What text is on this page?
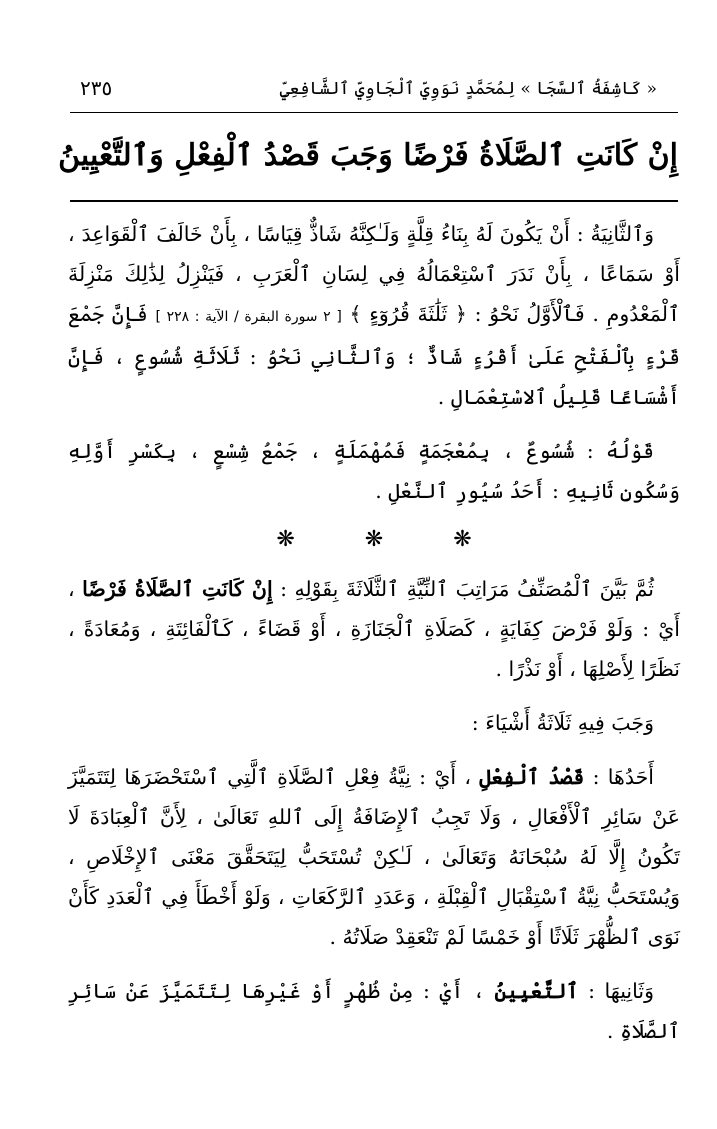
« كَاشِفَةُ ٱلسَّجَا » لِمُحَمَّدٍ نَوَوِيِّ ٱلْجَاوِيِّ ٱلشَّافِعِيِّ
٢٣٥
إِنْ كَانَتِ ٱلصَّلَاةُ فَرْضًا وَجَبَ قَصْدُ ٱلْفِعْلِ وَٱلتَّعْيِينُ

وَٱلثَّانِيَةُ : أَنْ يَكُونَ لَهُ بِنَاءُ قِلَّةٍ وَلَـٰكِنَّهُ شَاذٌّ قِيَاسًا ، بِأَنْ خَالَفَ ٱلْقَوَاعِدَ ، أَوْ سَمَاعًا ، بِأَنْ نَدَرَ ٱسْتِعْمَالُهُ فِي لِسَانِ ٱلْعَرَبِ ، فَيَنْزِلُ لِذَٰلِكَ مَنْزِلَةَ ٱلْمَعْدُومِ . فَٱلْأَوَّلُ نَحْوُ : ﴿ ثَلَٰثَةَ قُرُوٓءٍ ﴾ [ ٢ سورة البقرة / الآية : ٢٢٨ ] فَإِنَّ جَمْعَ قَرْءٍ بِٱلْفَتْحِ عَلَىٰ أَقْرُءٍ شَاذٌّ ؛ وَٱلثَّانِي نَحْوُ : ثَلَاثَةِ شُسُوعٍ ، فَإِنَّ أَشْسَاعًا قَلِيلُ ٱلاسْتِعْمَالِ .

قَوْلُهُ : شُسُوعٌ ، بِمُعْجَمَةٍ فَمُهْمَلَةٍ ، جَمْعُ شِسْعٍ ، بِكَسْرِ أَوَّلِهِ وَسُكُونِ ثَانِيهِ : أَحَدُ سُيُورِ ٱلنَّعْلِ .

❋
❋
❋

ثُمَّ بَيَّنَ ٱلْمُصَنِّفُ مَرَاتِبَ ٱلنِّيَّةِ ٱلثَّلَاثَةَ بِقَوْلِهِ : إِنْ كَانَتِ ٱلصَّلَاةُ فَرْضًا ، أَيْ : وَلَوْ فَرْضَ كِفَايَةٍ ، كَصَلَاةِ ٱلْجَنَازَةِ ، أَوْ قَضَاءً ، كَٱلْفَائِتَةِ ، وَمُعَادَةً ، نَظَرًا لِأَصْلِهَا ، أَوْ نَذْرًا .

وَجَبَ فِيهِ ثَلَاثَةُ أَشْيَاءَ :

أَحَدُهَا : قَصْدُ ٱلْفِعْلِ ، أَيْ : نِيَّةُ فِعْلِ ٱلصَّلَاةِ ٱلَّتِي ٱسْتَحْضَرَهَا لِتَتَمَيَّزَ عَنْ سَائِرِ ٱلْأَفْعَالِ ، وَلَا تَجِبُ ٱلإِضَافَةُ إِلَى ٱللهِ تَعَالَىٰ ، لِأَنَّ ٱلْعِبَادَةَ لَا تَكُونُ إِلَّا لَهُ سُبْحَانَهُ وَتَعَالَىٰ ، لَـٰكِنْ تُسْتَحَبُّ لِيَتَحَقَّقَ مَعْنَى ٱلإِخْلَاصِ ، وَيُسْتَحَبُّ نِيَّةُ ٱسْتِقْبَالِ ٱلْقِبْلَةِ ، وَعَدَدِ ٱلرَّكَعَاتِ ، وَلَوْ أَخْطَأَ فِي ٱلْعَدَدِ كَأَنْ نَوَى ٱلظُّهْرَ ثَلَاثًا أَوْ خَمْسًا لَمْ تَنْعَقِدْ صَلَاتُهُ .

وَثَانِيهَا : ٱلتَّعْيِينُ ، أَيْ : مِنْ ظُهْرٍ أَوْ غَيْرِهَا لِتَتَمَيَّزَ عَنْ سَائِرِ ٱلصَّلَاةِ .
